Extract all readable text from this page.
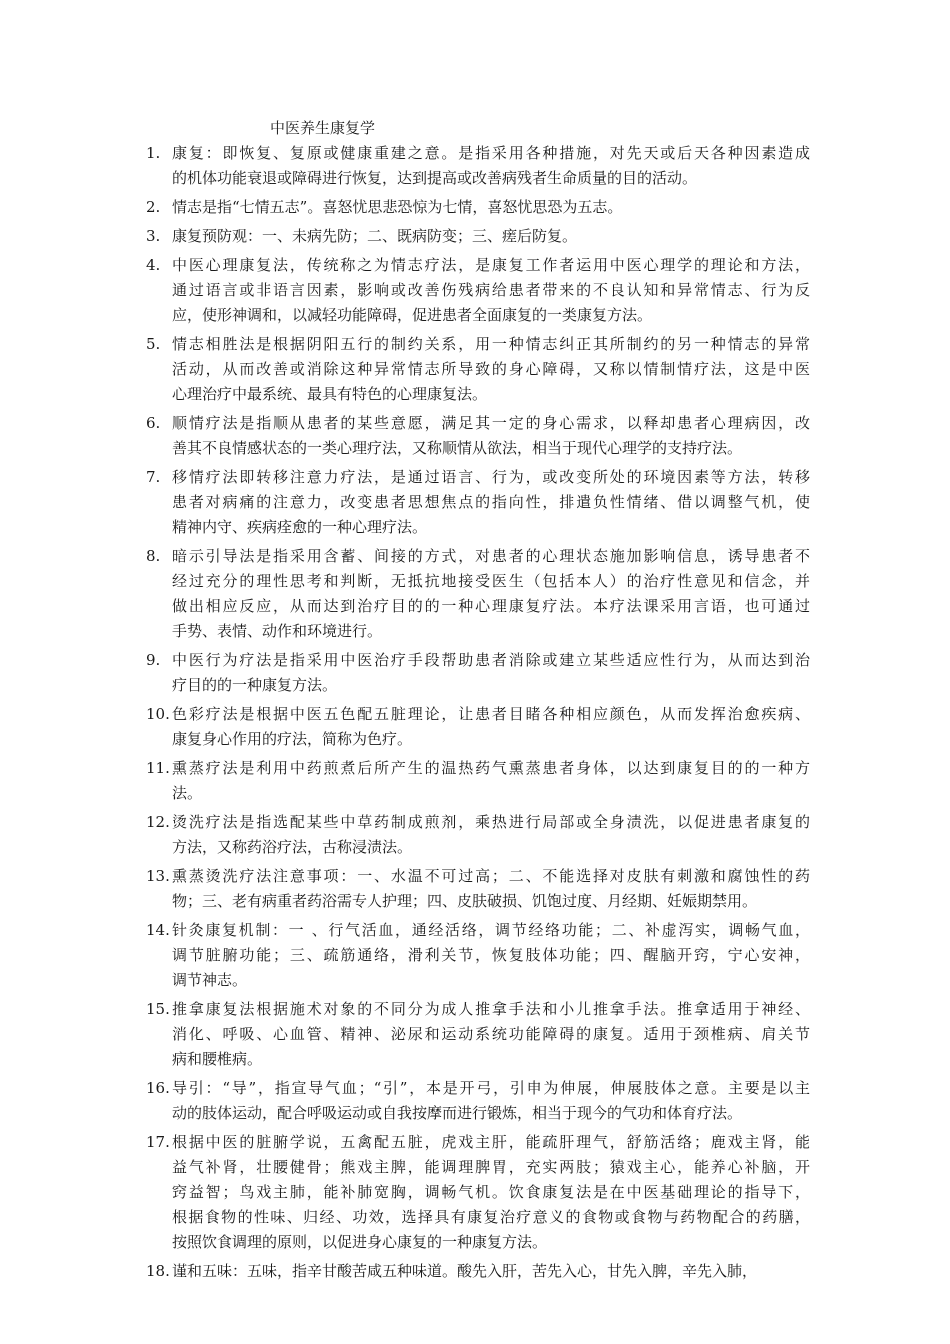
中医养生康复学
1. 康复：即恢复、复原或健康重建之意。是指采用各种措施，对先天或后天各种因素造成
的机体功能衰退或障碍进行恢复，达到提高或改善病残者生命质量的目的活动。
2. 情志是指“七情五志”。喜怒忧思悲恐惊为七情，喜怒忧思恐为五志。
3. 康复预防观：一、未病先防；二、既病防变；三、瘥后防复。
4. 中医心理康复法，传统称之为情志疗法，是康复工作者运用中医心理学的理论和方法，
通过语言或非语言因素，影响或改善伤残病给患者带来的不良认知和异常情志、行为反
应，使形神调和，以减轻功能障碍，促进患者全面康复的一类康复方法。
5. 情志相胜法是根据阴阳五行的制约关系，用一种情志纠正其所制约的另一种情志的异常
活动，从而改善或消除这种异常情志所导致的身心障碍，又称以情制情疗法，这是中医
心理治疗中最系统、最具有特色的心理康复法。
6. 顺情疗法是指顺从患者的某些意愿，满足其一定的身心需求，以释却患者心理病因，改
善其不良情感状态的一类心理疗法，又称顺情从欲法，相当于现代心理学的支持疗法。
7. 移情疗法即转移注意力疗法，是通过语言、行为，或改变所处的环境因素等方法，转移
患者对病痛的注意力，改变患者思想焦点的指向性，排遣负性情绪、借以调整气机，使
精神内守、疾病痊愈的一种心理疗法。
8. 暗示引导法是指采用含蓄、间接的方式，对患者的心理状态施加影响信息，诱导患者不
经过充分的理性思考和判断，无抵抗地接受医生（包括本人）的治疗性意见和信念，并
做出相应反应，从而达到治疗目的的一种心理康复疗法。本疗法课采用言语，也可通过
手势、表情、动作和环境进行。
9. 中医行为疗法是指采用中医治疗手段帮助患者消除或建立某些适应性行为，从而达到治
疗目的的一种康复方法。
10. 色彩疗法是根据中医五色配五脏理论，让患者目睹各种相应颜色，从而发挥治愈疾病、
康复身心作用的疗法，简称为色疗。
11. 熏蒸疗法是利用中药煎煮后所产生的温热药气熏蒸患者身体，以达到康复目的的一种方
法。
12. 烫洗疗法是指选配某些中草药制成煎剂，乘热进行局部或全身渍洗，以促进患者康复的
方法，又称药浴疗法，古称浸渍法。
13. 熏蒸烫洗疗法注意事项：一、水温不可过高；二、不能选择对皮肤有刺激和腐蚀性的药
物；三、老有病重者药浴需专人护理；四、皮肤破损、饥饱过度、月经期、妊娠期禁用。
14. 针灸康复机制：一 、行气活血，通经活络，调节经络功能；二、补虚泻实，调畅气血，
调节脏腑功能；三、疏筋通络，滑利关节，恢复肢体功能；四、醒脑开窍，宁心安神，
调节神志。
15. 推拿康复法根据施术对象的不同分为成人推拿手法和小儿推拿手法。推拿适用于神经、
消化、呼吸、心血管、精神、泌尿和运动系统功能障碍的康复。适用于颈椎病、肩关节
病和腰椎病。
16. 导引：“导”，指宣导气血；“引”，本是开弓，引申为伸展，伸展肢体之意。主要是以主
动的肢体运动，配合呼吸运动或自我按摩而进行锻炼，相当于现今的气功和体育疗法。
17. 根据中医的脏腑学说，五禽配五脏，虎戏主肝，能疏肝理气，舒筋活络；鹿戏主肾，能
益气补肾，壮腰健骨；熊戏主脾，能调理脾胃，充实两肢；猿戏主心，能养心补脑，开
窍益智；鸟戏主肺，能补肺宽胸，调畅气机。饮食康复法是在中医基础理论的指导下，
根据食物的性味、归经、功效，选择具有康复治疗意义的食物或食物与药物配合的药膳，
按照饮食调理的原则，以促进身心康复的一种康复方法。
18. 谨和五味：五味，指辛甘酸苦咸五种味道。酸先入肝，苦先入心，甘先入脾，辛先入肺，
